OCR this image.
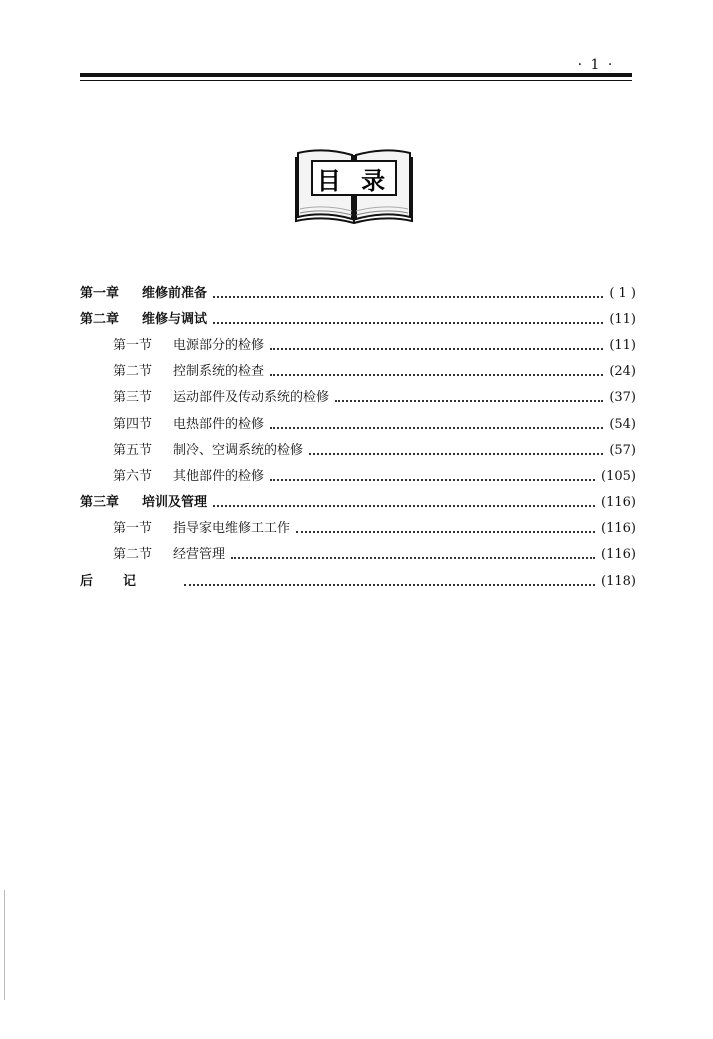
· 1 ·
目 录
第一章	维修前准备	( 1 )
第二章	维修与调试	(11)
第一节	电源部分的检修	(11)
第二节	控制系统的检查	(24)
第三节	运动部件及传动系统的检修	(37)
第四节	电热部件的检修	(54)
第五节	制冷、空调系统的检修	(57)
第六节	其他部件的检修	(105)
第三章	培训及管理	(116)
第一节	指导家电维修工工作	(116)
第二节	经营管理	(116)
后记	(118)
